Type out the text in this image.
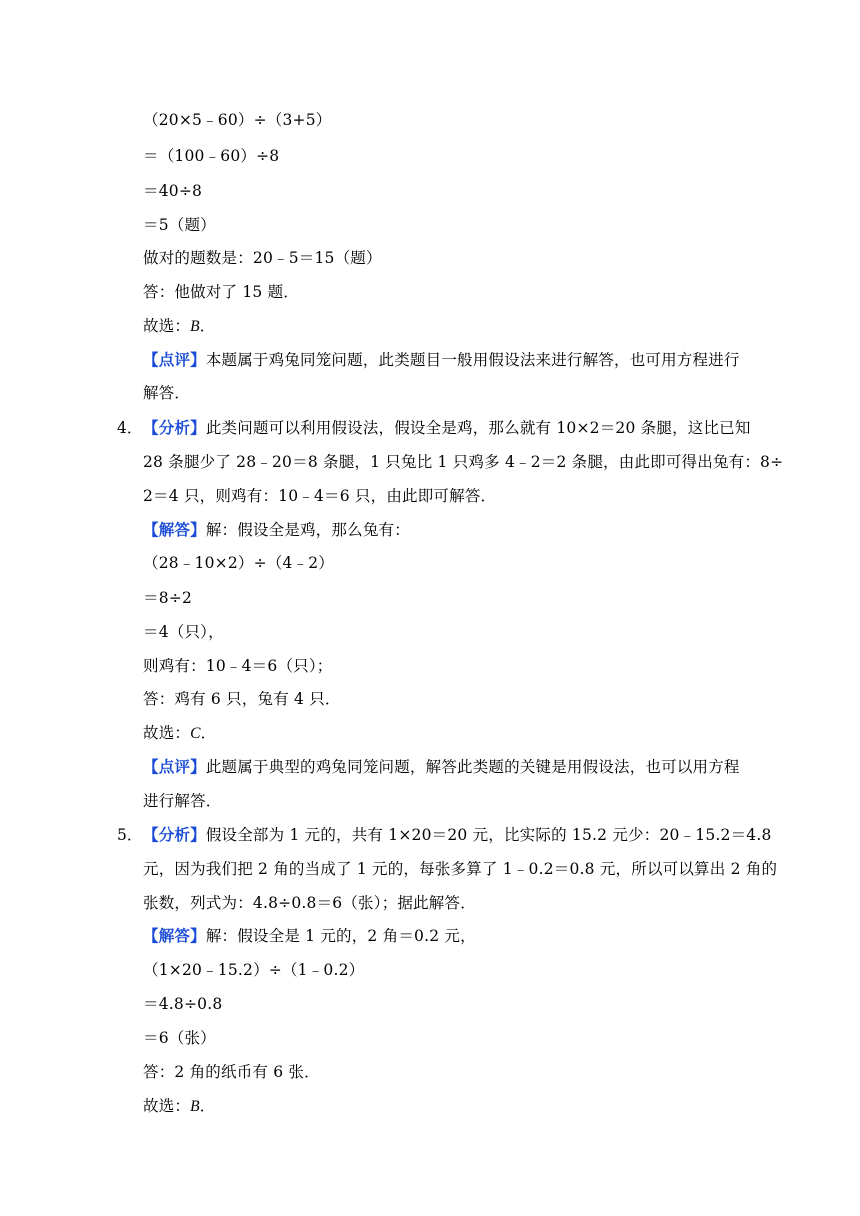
（20×5﹣60）÷（3+5）
＝（100﹣60）÷8
＝40÷8
＝5（题）
做对的题数是：20﹣5＝15（题）
答：他做对了 15 题．
故选：B．
【点评】本题属于鸡兔同笼问题，此类题目一般用假设法来进行解答，也可用方程进行
解答．
4． 【分析】此类问题可以利用假设法，假设全是鸡，那么就有 10×2＝20 条腿，这比已知
28 条腿少了 28﹣20＝8 条腿，1 只兔比 1 只鸡多 4﹣2＝2 条腿，由此即可得出兔有：8÷
2＝4 只，则鸡有：10﹣4＝6 只，由此即可解答．
【解答】解：假设全是鸡，那么兔有：
（28﹣10×2）÷（4﹣2）
＝8÷2
＝4（只），
则鸡有：10﹣4＝6（只）；
答：鸡有 6 只，兔有 4 只．
故选：C．
【点评】此题属于典型的鸡兔同笼问题，解答此类题的关键是用假设法，也可以用方程
进行解答．
5． 【分析】假设全部为 1 元的，共有 1×20＝20 元，比实际的 15.2 元少：20﹣15.2＝4.8
元，因为我们把 2 角的当成了 1 元的，每张多算了 1﹣0.2＝0.8 元，所以可以算出 2 角的
张数，列式为：4.8÷0.8＝6（张）；据此解答．
【解答】解：假设全是 1 元的，2 角＝0.2 元，
（1×20﹣15.2）÷（1﹣0.2）
＝4.8÷0.8
＝6（张）
答：2 角的纸币有 6 张．
故选：B．
